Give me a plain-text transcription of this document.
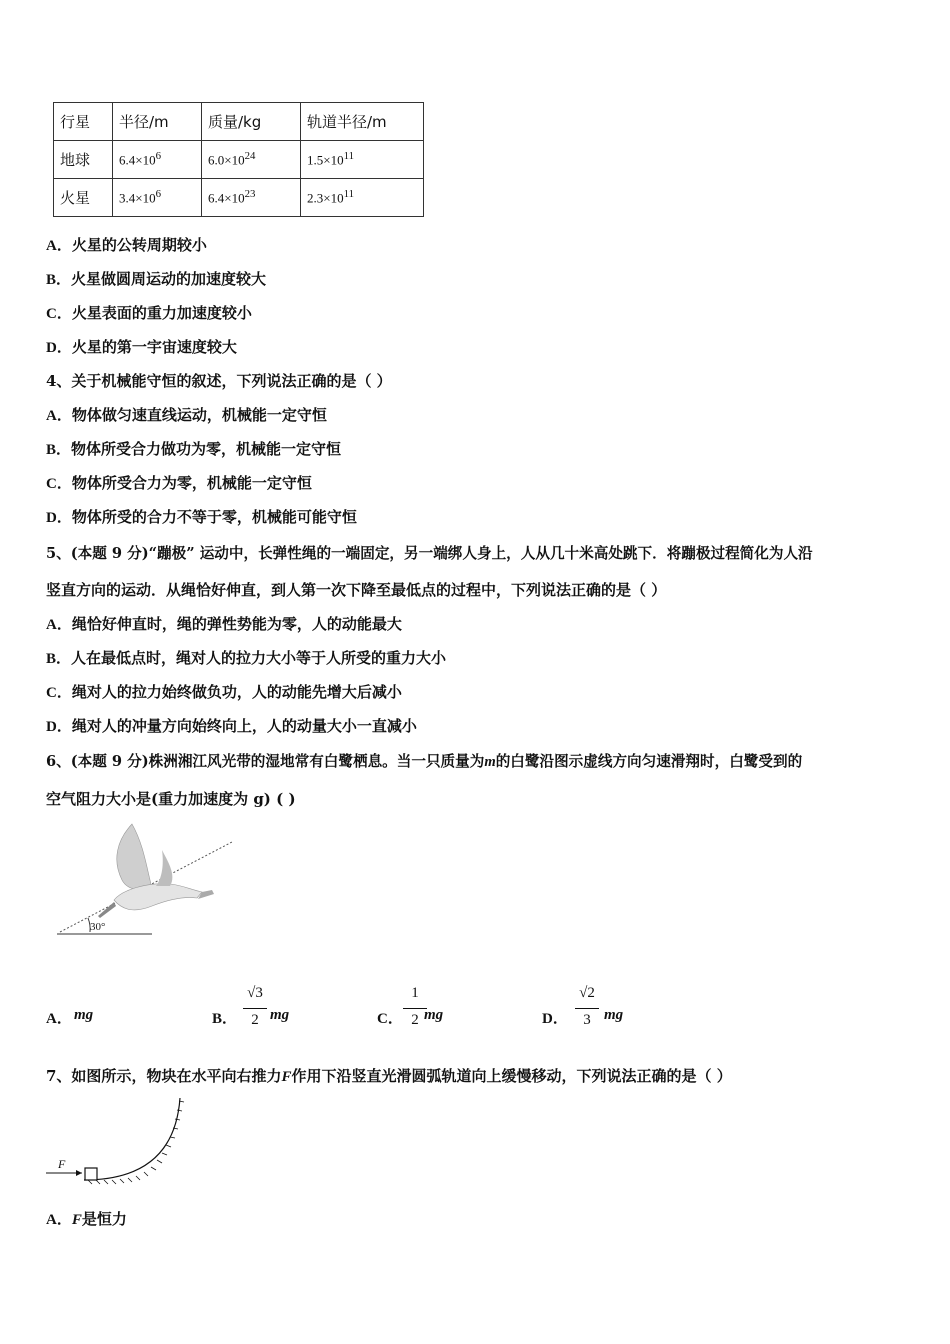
行星	半径/m	质量/kg	轨道半径/m
地球	$6.4\times 10^6$	$6.0\times 10^{24}$	$1.5\times 10^{11}$
火星	$3.4\times 10^6$	$6.4\times 10^{23}$	$2.3\times 10^{11}$
A．火星的公转周期较小
B．火星做圆周运动的加速度较大
C．火星表面的重力加速度较小
D．火星的第一宇宙速度较大
4、关于机械能守恒的叙述，下列说法正确的是（ ）
A．物体做匀速直线运动，机械能一定守恒
B．物体所受合力做功为零，机械能一定守恒
C．物体所受合力为零，机械能一定守恒
D．物体所受的合力不等于零，机械能可能守恒
5、(本题 9 分)“蹦极” 运动中，长弹性绳的一端固定，另一端绑人身上，人从几十米高处跳下．将蹦极过程简化为人沿
竖直方向的运动．从绳恰好伸直，到人第一次下降至最低点的过程中，下列说法正确的是（ ）
A．绳恰好伸直时，绳的弹性势能为零，人的动能最大
B．人在最低点时，绳对人的拉力大小等于人所受的重力大小
C．绳对人的拉力始终做负功，人的动能先增大后减小
D．绳对人的冲量方向始终向上，人的动量大小一直减小
6、(本题 9 分)株洲湘江风光带的湿地常有白鹭栖息。当一只质量为m的白鹭沿图示虚线方向匀速滑翔时，白鹭受到的
空气阻力大小是(重力加速度为 g) ( )
30°
A． mg	B．
√3
2 mg	C．
1
2 mg	D．
√2
3 mg
7、如图所示，物块在水平向右推力F作用下沿竖直光滑圆弧轨道向上缓慢移动，下列说法正确的是（ ）
F
A．F是恒力
